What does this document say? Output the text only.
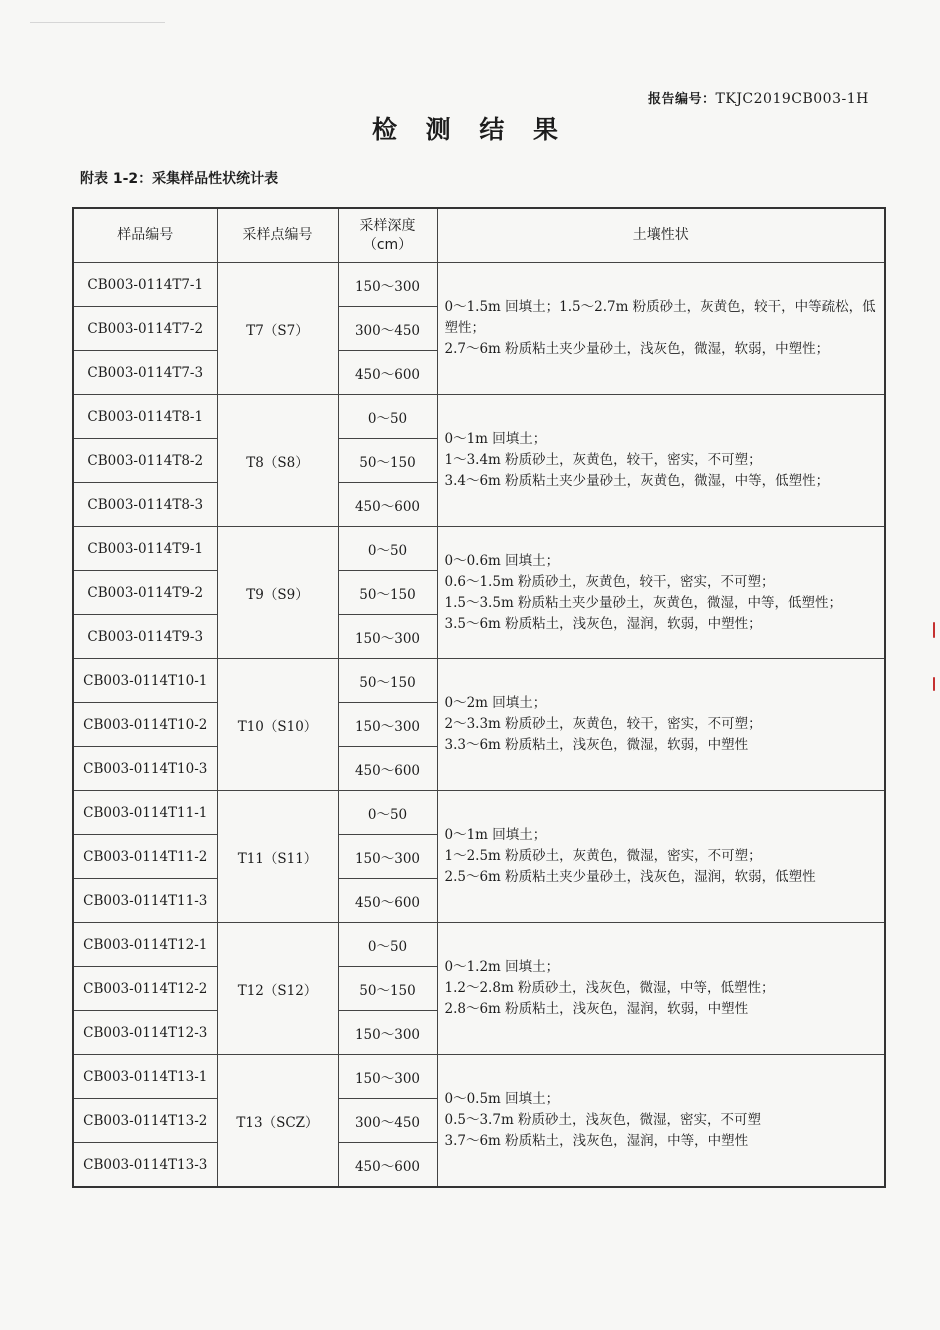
报告编号：TKJC2019CB003-1H
检 测 结 果
附表 1-2：采集样品性状统计表
样品编号	采样点编号	采样深度
（cm）	土壤性状
CB003-0114T7-1	T7（S7）	150～300	0～1.5m 回填土；1.5～2.7m 粉质砂土，灰黄色，较干，中等疏松，低塑性；
2.7～6m 粉质粘土夹少量砂土，浅灰色，微湿，软弱，中塑性；
CB003-0114T7-2		300～450	
CB003-0114T7-3		450～600	
CB003-0114T8-1	T8（S8）	0～50	0～1m 回填土；
1～3.4m 粉质砂土，灰黄色，较干，密实，不可塑；
3.4～6m 粉质粘土夹少量砂土，灰黄色，微湿，中等，低塑性；
CB003-0114T8-2		50～150	
CB003-0114T8-3		450～600	
CB003-0114T9-1	T9（S9）	0～50	0～0.6m 回填土；
0.6～1.5m 粉质砂土，灰黄色，较干，密实，不可塑；
1.5～3.5m 粉质粘土夹少量砂土，灰黄色，微湿，中等，低塑性；
3.5～6m 粉质粘土，浅灰色，湿润，软弱，中塑性；
CB003-0114T9-2		50～150	
CB003-0114T9-3		150～300	
CB003-0114T10-1	T10（S10）	50～150	0～2m 回填土；
2～3.3m 粉质砂土，灰黄色，较干，密实，不可塑；
3.3～6m 粉质粘土，浅灰色，微湿，软弱，中塑性
CB003-0114T10-2		150～300	
CB003-0114T10-3		450～600	
CB003-0114T11-1	T11（S11）	0～50	0～1m 回填土；
1～2.5m 粉质砂土，灰黄色，微湿，密实，不可塑；
2.5～6m 粉质粘土夹少量砂土，浅灰色，湿润，软弱，低塑性
CB003-0114T11-2		150～300	
CB003-0114T11-3		450～600	
CB003-0114T12-1	T12（S12）	0～50	0～1.2m 回填土；
1.2～2.8m 粉质砂土，浅灰色，微湿，中等，低塑性；
2.8～6m 粉质粘土，浅灰色，湿润，软弱，中塑性
CB003-0114T12-2		50～150	
CB003-0114T12-3		150～300	
CB003-0114T13-1	T13（SCZ）	150～300	0～0.5m 回填土；
0.5～3.7m 粉质砂土，浅灰色，微湿，密实，不可塑
3.7～6m 粉质粘土，浅灰色，湿润，中等，中塑性
CB003-0114T13-2		300～450	
CB003-0114T13-3		450～600	
